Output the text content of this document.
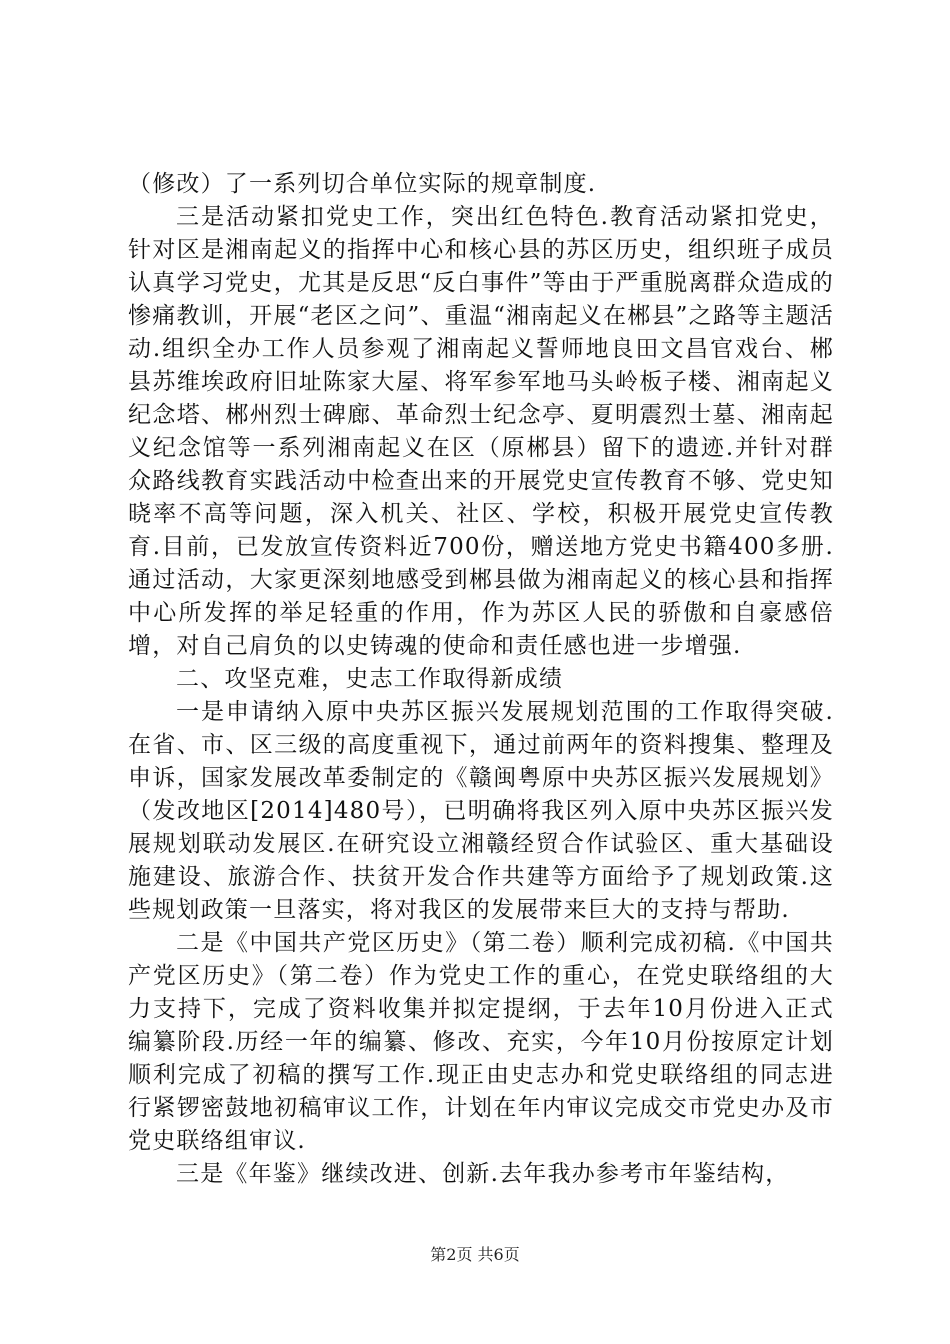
（修改）了一系列切合单位实际的规章制度.

三是活动紧扣党史工作，突出红色特色.教育活动紧扣党史，针对区是湘南起义的指挥中心和核心县的苏区历史，组织班子成员认真学习党史，尤其是反思“反白事件”等由于严重脱离群众造成的惨痛教训，开展“老区之问”、重温“湘南起义在郴县”之路等主题活动.组织全办工作人员参观了湘南起义誓师地良田文昌官戏台、郴县苏维埃政府旧址陈家大屋、将军参军地马头岭板子楼、湘南起义纪念塔、郴州烈士碑廊、革命烈士纪念亭、夏明震烈士墓、湘南起义纪念馆等一系列湘南起义在区（原郴县）留下的遗迹.并针对群众路线教育实践活动中检查出来的开展党史宣传教育不够、党史知晓率不高等问题，深入机关、社区、学校，积极开展党史宣传教育.目前，已发放宣传资料近700份，赠送地方党史书籍400多册.通过活动，大家更深刻地感受到郴县做为湘南起义的核心县和指挥中心所发挥的举足轻重的作用，作为苏区人民的骄傲和自豪感倍增，对自己肩负的以史铸魂的使命和责任感也进一步增强.

二、攻坚克难，史志工作取得新成绩

一是申请纳入原中央苏区振兴发展规划范围的工作取得突破.在省、市、区三级的高度重视下，通过前两年的资料搜集、整理及申诉，国家发展改革委制定的《赣闽粤原中央苏区振兴发展规划》（发改地区[2014]480号），已明确将我区列入原中央苏区振兴发展规划联动发展区.在研究设立湘赣经贸合作试验区、重大基础设施建设、旅游合作、扶贫开发合作共建等方面给予了规划政策.这些规划政策一旦落实，将对我区的发展带来巨大的支持与帮助.

二是《中国共产党区历史》（第二卷）顺利完成初稿.《中国共产党区历史》（第二卷）作为党史工作的重心，在党史联络组的大力支持下，完成了资料收集并拟定提纲，于去年10月份进入正式编纂阶段.历经一年的编纂、修改、充实，今年10月份按原定计划顺利完成了初稿的撰写工作.现正由史志办和党史联络组的同志进行紧锣密鼓地初稿审议工作，计划在年内审议完成交市党史办及市党史联络组审议.

三是《年鉴》继续改进、创新.去年我办参考市年鉴结构，

第2页 共6页
